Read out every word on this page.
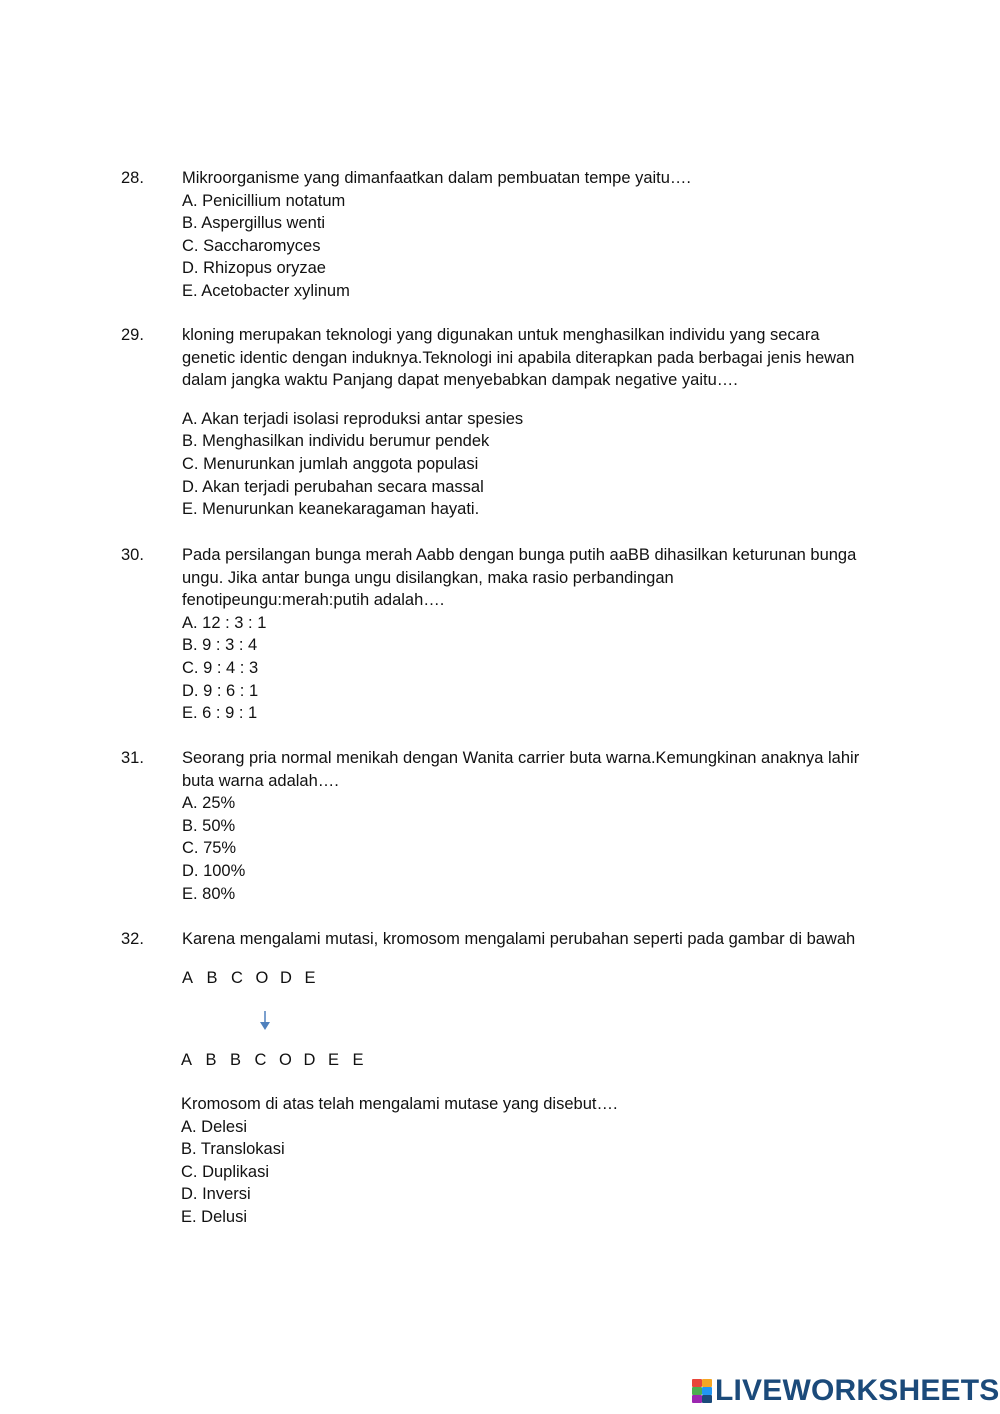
28. Mikroorganisme yang dimanfaatkan dalam pembuatan tempe yaitu….
A. Penicillium notatum
B. Aspergillus wenti
C. Saccharomyces
D. Rhizopus oryzae
E. Acetobacter xylinum
29. kloning merupakan teknologi yang digunakan untuk menghasilkan individu yang secara
genetic identic dengan induknya.Teknologi ini apabila diterapkan pada berbagai jenis hewan
dalam jangka waktu Panjang dapat menyebabkan dampak negative yaitu….
A. Akan terjadi isolasi reproduksi antar spesies
B. Menghasilkan individu berumur pendek
C. Menurunkan jumlah anggota populasi
D. Akan terjadi perubahan secara massal
E. Menurunkan keanekaragaman hayati.
30. Pada persilangan bunga merah Aabb dengan bunga putih aaBB dihasilkan keturunan bunga
ungu. Jika antar bunga ungu disilangkan, maka rasio perbandingan
fenotipeungu:merah:putih adalah….
A. 12 : 3 : 1
B. 9 : 3 : 4
C. 9 : 4 : 3
D. 9 : 6 : 1
E. 6 : 9 : 1
31. Seorang pria normal menikah dengan Wanita carrier buta warna.Kemungkinan anaknya lahir
buta warna adalah….
A. 25%
B. 50%
C. 75%
D. 100%
E. 80%
32. Karena mengalami mutasi, kromosom mengalami perubahan seperti pada gambar di bawah
A B C O D E
A B B C O D E E
Kromosom di atas telah mengalami mutase yang disebut….
A. Delesi
B. Translokasi
C. Duplikasi
D. Inversi
E. Delusi
LIVEWORKSHEETS
